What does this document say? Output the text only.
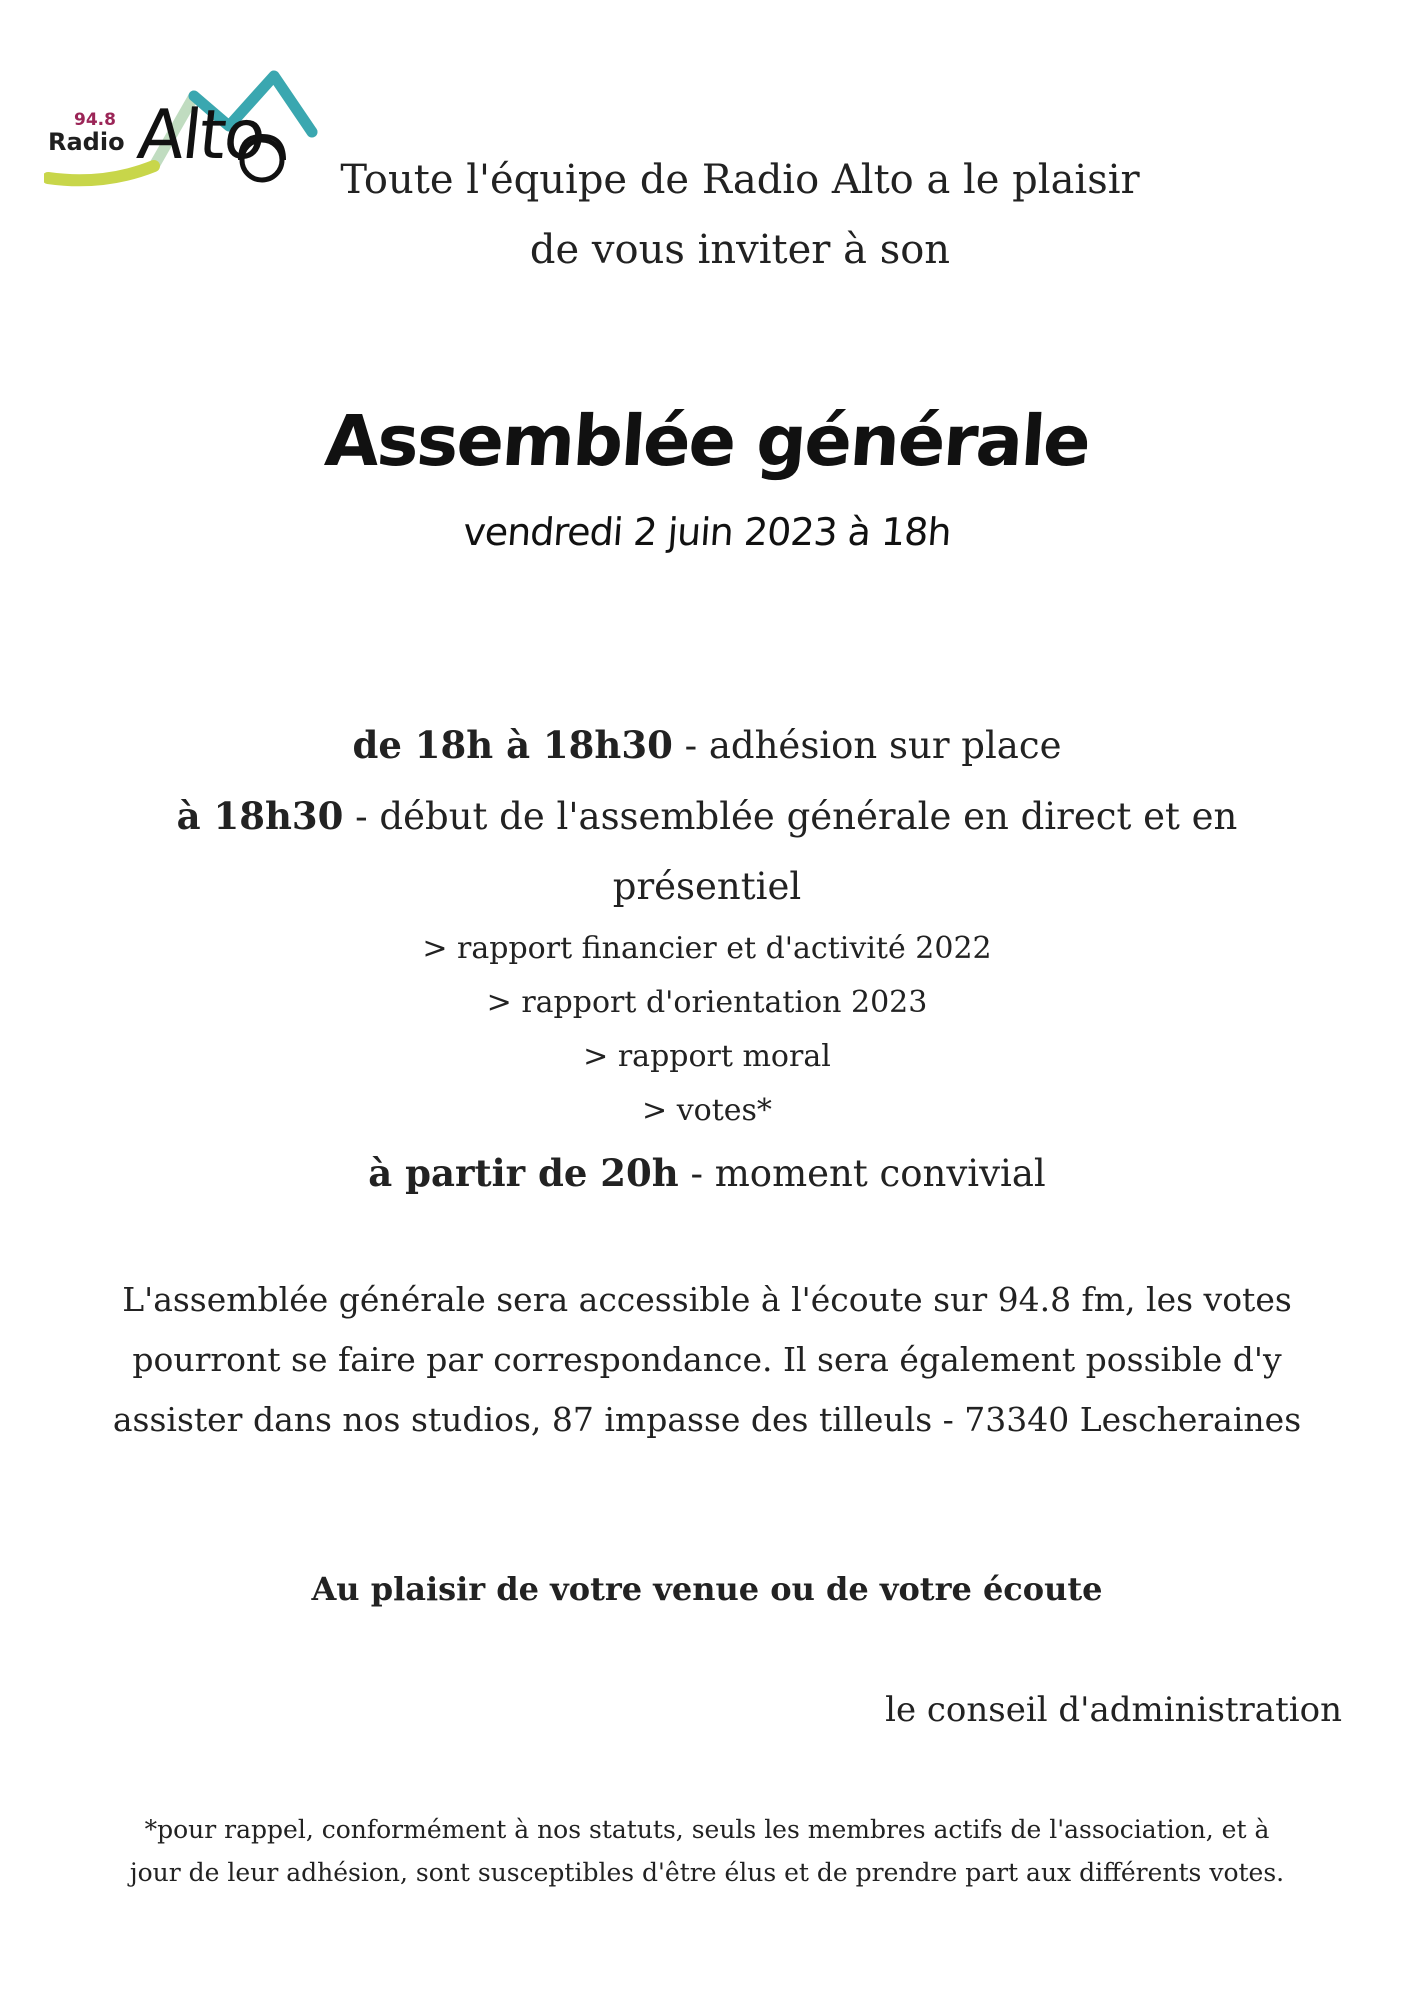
94.8
Radio Alto

Toute l'équipe de Radio Alto a le plaisir
de vous inviter à son

Assemblée générale
vendredi 2 juin 2023 à 18h
de 18h à 18h30 - adhésion sur place
à 18h30 - début de l'assemblée générale en direct et en
présentiel
> rapport financier et d'activité 2022
> rapport d'orientation 2023
> rapport moral
> votes*
à partir de 20h - moment convivial

L'assemblée générale sera accessible à l'écoute sur 94.8 fm, les votes
pourront se faire par correspondance. Il sera également possible d'y
assister dans nos studios, 87 impasse des tilleuls - 73340 Lescheraines

Au plaisir de votre venue ou de votre écoute
le conseil d'administration

*pour rappel, conformément à nos statuts, seuls les membres actifs de l'association, et à
jour de leur adhésion, sont susceptibles d'être élus et de prendre part aux différents votes.
